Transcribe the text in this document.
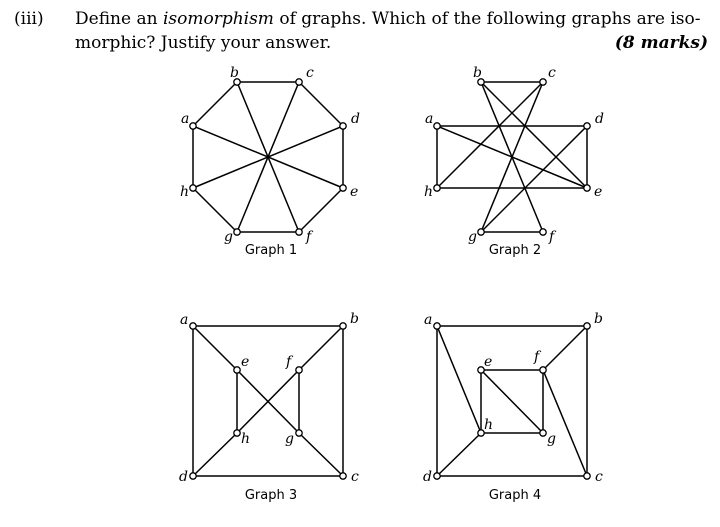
(iii) Define an isomorphism of graphs. Which of the following graphs are iso-
morphic? Justify your answer.	(8 marks)
a
b	c
d
e
f
g
h
Graph 1
a
b	c
d
e
f
g
h
Graph 2
a	b
c
d
e	f
g
h
Graph 3
a	b
c
d
e	f
g
h
Graph 4
